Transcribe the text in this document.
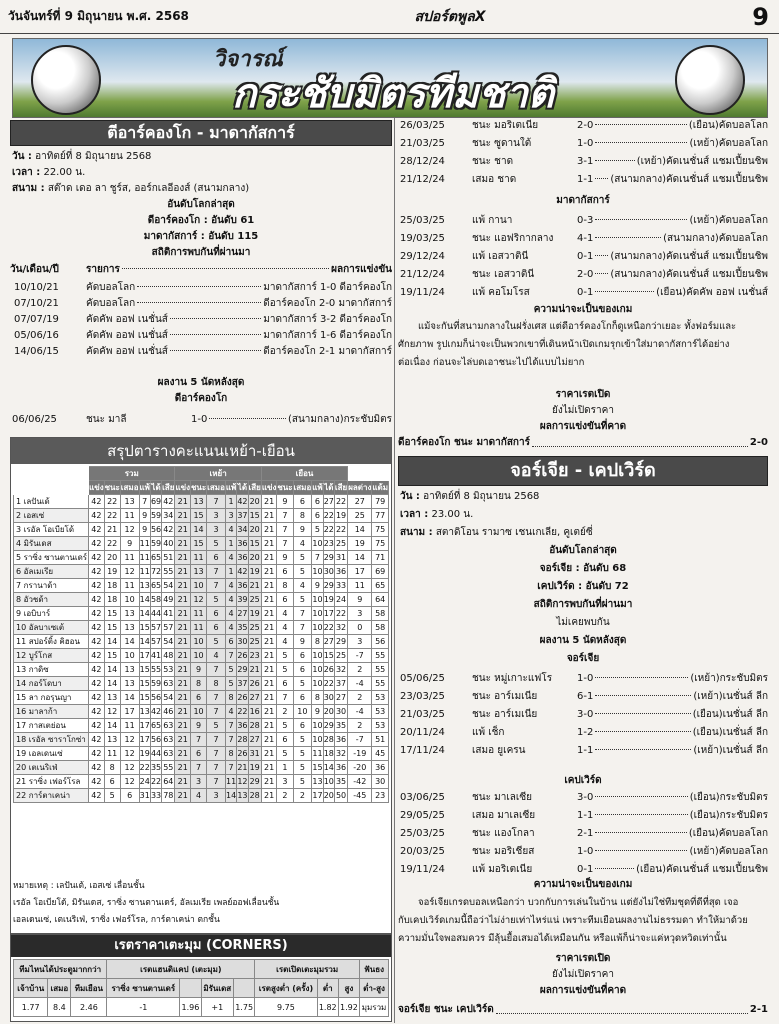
วันจันทร์ที่ 9 มิถุนายน พ.ศ. 2568	สปอร์ตพูลX	9
วิจารณ์
กระชับมิตรทีมชาติ
ตีอาร์คองโก - มาดากัสการ์
วัน : อาทิตย์ที่ 8 มิถุนายน 2568
เวลา : 22.00 น.
สนาม : สต๊าด เดอ ลา ชูร์ส, ออร์กเลอีองส์ (สนามกลาง)
อันดับโลกล่าสุด
ดีอาร์คองโก : อันดับ 61
มาดากัสการ์ : อันดับ 115
สถิติการพบกันที่ผ่านมา
วัน/เดือน/ปี	รายการ	ผลการแข่งขัน
10/10/21	คัดบอลโลก	มาดากัสการ์ 1-0 ดีอาร์คองโก
07/10/21	คัดบอลโลก	ดีอาร์คองโก 2-0 มาดากัสการ์
07/07/19	คัดคัพ ออฟ เนชั่นส์	มาดากัสการ์ 3-2 ดีอาร์คองโก
05/06/16	คัดคัพ ออฟ เนชั่นส์	มาดากัสการ์ 1-6 ดีอาร์คองโก
14/06/15	คัดคัพ ออฟ เนชั่นส์	ดีอาร์คองโก 2-1 มาดากัสการ์
ผลงาน 5 นัดหลังสุด
ดีอาร์คองโก
06/06/25	ชนะ มาลี	1-0	(สนามกลาง) กระชับมิตร
26/03/25	ชนะ มอริเตเนีย	2-0	(เยือน) คัดบอลโลก
21/03/25	ชนะ ซูดานใต้	1-0	(เหย้า) คัดบอลโลก
28/12/24	ชนะ ชาด	3-1	(เหย้า) คัดเนชั่นส์ แชมเปี้ยนชิพ
21/12/24	เสมอ ชาด	1-1 (สนามกลาง) คัดเนชั่นส์ แชมเปี้ยนชิพ
มาดากัสการ์
25/03/25	แพ้ กานา	0-3	(เหย้า) คัดบอลโลก
19/03/25	ชนะ แอฟริกากลาง	4-1	(สนามกลาง) คัดบอลโลก
29/12/24	แพ้ เอสวาตินี	0-1 (สนามกลาง) คัดเนชั่นส์ แชมเปี้ยนชิพ
21/12/24	ชนะ เอสวาตินี	2-0 (สนามกลาง) คัดเนชั่นส์ แชมเปี้ยนชิพ
19/11/24	แพ้ คอโมโรส	0-1	(เยือน) คัดคัพ ออฟ เนชั่นส์
ความน่าจะเป็นของเกม
แม้จะกันที่สนามกลางในฝรั่งเศส แต่ดีอาร์คองโกก็ดูเหนือกว่าเยอะ ทั้งฟอร์มและ
ศักยภาพ รูปเกมก็น่าจะเป็นพวกเขาที่เดินหน้าเปิดเกมรุกเข้าใส่มาดากัสการ์ได้อย่าง
ต่อเนื่อง ก่อนจะไล่บดเอาชนะไปได้แบบไม่ยาก
ราคาเรตเปิด
ยังไม่เปิดราคา
ผลการแข่งขันที่คาด
ดีอาร์คองโก ชนะ มาดากัสการ์	2-0
จอร์เจีย - เคปเวิร์ด
วัน : อาทิตย์ที่ 8 มิถุนายน 2568
เวลา : 23.00 น.
สนาม : สตาดิโอน รามาซ เชนเกเลีย, คูเตย์ซี่
อันดับโลกล่าสุด
จอร์เจีย : อันดับ 68
เคปเวิร์ด : อันดับ 72
สถิติการพบกันที่ผ่านมา
ไม่เคยพบกัน
ผลงาน 5 นัดหลังสุด
จอร์เจีย
05/06/25	ชนะ หมู่เกาะแฟโร	1-0	(เหย้า) กระชับมิตร
23/03/25	ชนะ อาร์เมเนีย	6-1	(เหย้า) เนชั่นส์ ลีก
21/03/25	ชนะ อาร์เมเนีย	3-0	(เยือน) เนชั่นส์ ลีก
20/11/24	แพ้ เช็ก	1-2	(เยือน) เนชั่นส์ ลีก
17/11/24	เสมอ ยูเครน	1-1	(เหย้า) เนชั่นส์ ลีก
เคปเวิร์ด
03/06/25	ชนะ มาเลเซีย	3-0	(เยือน) กระชับมิตร
29/05/25	เสมอ มาเลเซีย	1-1	(เยือน) กระชับมิตร
25/03/25	ชนะ แองโกลา	2-1	(เยือน) คัดบอลโลก
20/03/25	ชนะ มอริเชียส	1-0	(เหย้า) คัดบอลโลก
19/11/24	แพ้ มอริเตเนีย	0-1	(เยือน) คัดเนชั่นส์ แชมเปี้ยนชิพ
ความน่าจะเป็นของเกม
จอร์เจียเกรดบอลเหนือกว่า บวกกับการเล่นในบ้าน แต่ยังไม่ใช่ทีมชุดที่ดีที่สุด เจอ
กับเคปเวิร์ดเกมนี้ถือว่าไม่ง่ายเท่าไหร่แน่ เพราะทีมเยือนผลงานไม่ธรรมดา ทำให้มาด้วย
ความมั่นใจพอสมควร มีลุ้นยื้อเสมอได้เหมือนกัน หรือแพ้ก็น่าจะแค่หวุดหวิดเท่านั้น
ราคาเรตเปิด
ยังไม่เปิดราคา
ผลการแข่งขันที่คาด
จอร์เจีย ชนะ เคปเวิร์ด	2-1
สรุปตารางคะแนนเหย้า-เยือน
	รวม						เหย้า						เยือน							
	แข่ง	ชนะ	เสมอ	แพ้	ได้	เสีย	แข่ง	ชนะ	เสมอ	แพ้	ได้	เสีย	แข่ง	ชนะ	เสมอ	แพ้	ได้	เสีย	ผลต่าง	แต้ม
1 เลปันเด้	42	22	13	7	69	42	21	13	7	1	42	20	21	9	6	6	27	22	27	79
2 เอสเซ่	42	22	11	9	59	34	21	15	3	3	37	15	21	7	8	6	22	19	25	77
3 เรอัล โอเบียโด้	42	21	12	9	56	42	21	14	3	4	34	20	21	7	9	5	22	22	14	75
4 มิรันเดส	42	22	9	11	59	40	21	15	5	1	36	15	21	7	4	10	23	25	19	75
5 ราซิ่ง ซานตานเดร์	42	20	11	11	65	51	21	11	6	4	36	20	21	9	5	7	29	31	14	71
6 อัลเมเรีย	42	19	12	11	72	55	21	13	7	1	42	19	21	6	5	10	30	36	17	69
7 กรานาด้า	42	18	11	13	65	54	21	10	7	4	36	21	21	8	4	9	29	33	11	65
8 อัวชด้า	42	18	10	14	58	49	21	12	5	4	39	25	21	6	5	10	19	24	9	64
9 เอบิบาร์	42	15	13	14	44	41	21	11	6	4	27	19	21	4	7	10	17	22	3	58
10 อัลบาเซเต้	42	15	13	15	57	57	21	11	6	4	35	25	21	4	7	10	22	32	0	58
11 สปอร์ติ้ง คิฮอน	42	14	14	14	57	54	21	10	5	6	30	25	21	4	9	8	27	29	3	56
12 บูร์โกส	42	15	10	17	41	48	21	10	4	7	26	23	21	5	6	10	15	25	-7	55
13 กาดิซ	42	14	13	15	55	53	21	9	7	5	29	21	21	5	6	10	26	32	2	55
14 กอร์โดบา	42	14	13	15	59	63	21	8	8	5	37	26	21	6	5	10	22	37	-4	55
15 ลา กอรุนญา	42	13	14	15	56	54	21	6	7	8	26	27	21	7	6	8	30	27	2	53
16 มาลาก้า	42	12	17	13	42	46	21	10	7	4	22	16	21	2	10	9	20	30	-4	53
17 กาสเตย่อน	42	14	11	17	65	63	21	9	5	7	36	28	21	5	6	10	29	35	2	53
18 เรอัล ซาราโกซ่า	42	13	12	17	56	63	21	7	7	7	28	27	21	6	5	10	28	36	-7	51
19 เอลเดนเซ่	42	11	12	19	44	63	21	6	7	8	26	31	21	5	5	11	18	32	-19	45
20 เตเนริเฟ่	42	8	12	22	35	55	21	7	7	7	21	19	21	1	5	15	14	36	-20	36
21 ราซิ่ง เฟอร์โรล	42	6	12	24	22	64	21	3	7	11	12	29	21	3	5	13	10	35	-42	30
22 การ์ตาเคน่า	42	5	6	31	33	78	21	4	3	14	13	28	21	2	2	17	20	50	-45	23
หมายเหตุ : เลปันเต้, เอสเซ่ เลื่อนชั้น
เรอัล โอเบียโด้, มิรันเดส, ราซิ่ง ซานตานเดร์, อัลเมเรีย เพลย์ออฟเลื่อนชั้น
เอลเดนเซ่, เตเนริเฟ่, ราซิ่ง เฟอร์โรล, การ์ตาเคน่า ตกชั้น
เรตราคาเตะมุม (CORNERS)
ทีมไหนได้ประตูมากกว่า			เรตแฮนดิแคป (เตะมุม)				เรตเปิดเตะมุมรวม			ฟันธง
เจ้าบ้าน	เสมอ	ทีมเยือน	ราซิ่ง ซานตานเดร์		มิรันเดส		เรตสูงต่ำ (ครั้ง)	ต่ำ	สูง	ต่ำ-สูง
1.77	8.4	2.46	-1	1.96	+1	1.75	9.75	1.82	1.92	มุมรวม
